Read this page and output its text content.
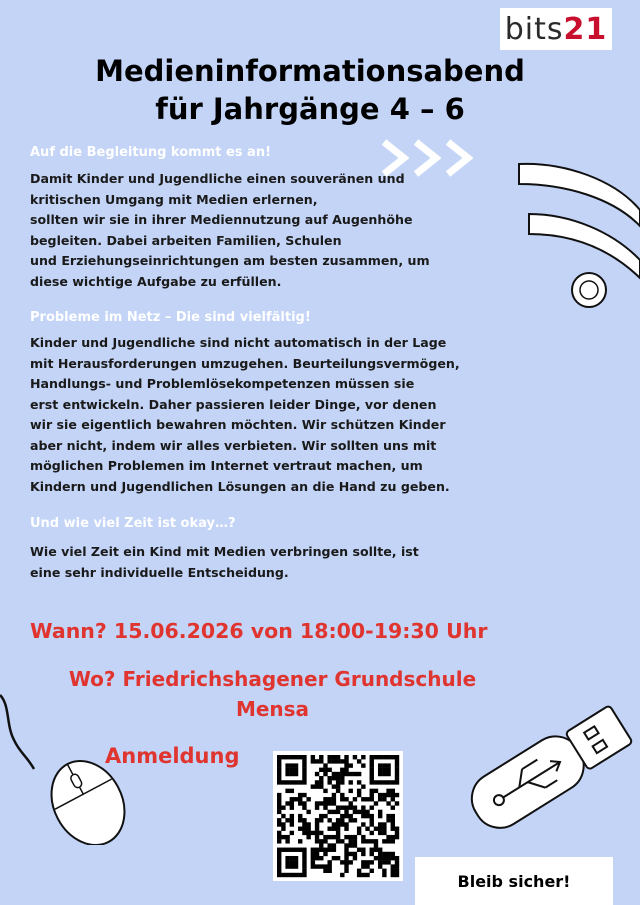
bits 21
Medieninformationsabend
für Jahrgänge 4 – 6
Auf die Begleitung kommt es an!
Damit Kinder und Jugendliche einen souveränen und
kritischen Umgang mit Medien erlernen,
sollten wir sie in ihrer Mediennutzung auf Augenhöhe
begleiten. Dabei arbeiten Familien, Schulen
und Erziehungseinrichtungen am besten zusammen, um
diese wichtige Aufgabe zu erfüllen.
Probleme im Netz – Die sind vielfältig!
Kinder und Jugendliche sind nicht automatisch in der Lage
mit Herausforderungen umzugehen. Beurteilungsvermögen,
Handlungs- und Problemlösekompetenzen müssen sie
erst entwickeln. Daher passieren leider Dinge, vor denen
wir sie eigentlich bewahren möchten. Wir schützen Kinder
aber nicht, indem wir alles verbieten. Wir sollten uns mit
möglichen Problemen im Internet vertraut machen, um
Kindern und Jugendlichen Lösungen an die Hand zu geben.
Und wie viel Zeit ist okay…?
Wie viel Zeit ein Kind mit Medien verbringen sollte, ist
eine sehr individuelle Entscheidung.
Wann? 15.06.2026 von 18:00-19:30 Uhr
Wo? Friedrichshagener Grundschule
Mensa
Anmeldung
Bleib sicher!
